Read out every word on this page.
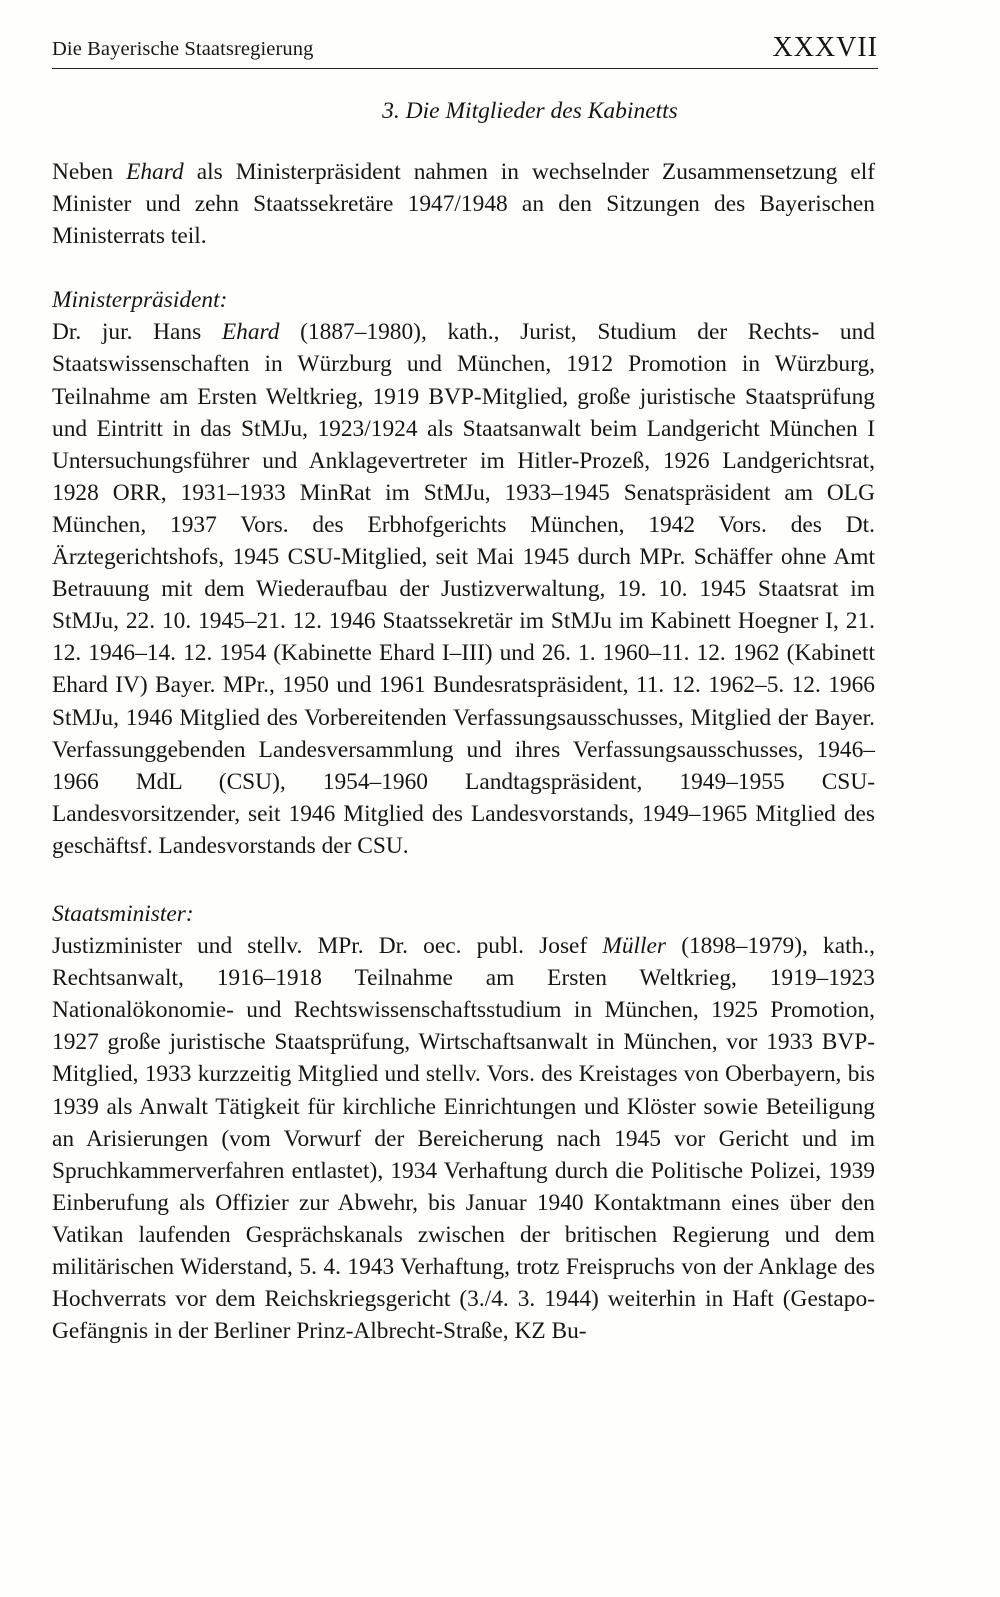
Die Bayerische Staatsregierung	XXXVII
3. Die Mitglieder des Kabinetts

Neben Ehard als Ministerpräsident nahmen in wechselnder Zusammensetzung elf Minister und zehn Staatssekretäre 1947/1948 an den Sitzungen des Bayerischen Ministerrats teil.

Ministerpräsident:

Dr. jur. Hans Ehard (1887–1980), kath., Jurist, Studium der Rechts- und Staatswissenschaften in Würzburg und München, 1912 Promotion in Würzburg, Teilnahme am Ersten Weltkrieg, 1919 BVP-Mitglied, große juristische Staatsprüfung und Eintritt in das StMJu, 1923/1924 als Staatsanwalt beim Landgericht München I Untersuchungsführer und Anklagevertreter im Hitler-Prozeß, 1926 Landgerichtsrat, 1928 ORR, 1931–1933 MinRat im StMJu, 1933–1945 Senatspräsident am OLG München, 1937 Vors. des Erbhofgerichts München, 1942 Vors. des Dt. Ärztegerichtshofs, 1945 CSU-Mitglied, seit Mai 1945 durch MPr. Schäffer ohne Amt Betrauung mit dem Wiederaufbau der Justizverwaltung, 19. 10. 1945 Staatsrat im StMJu, 22. 10. 1945–21. 12. 1946 Staatssekretär im StMJu im Kabinett Hoegner I, 21. 12. 1946–14. 12. 1954 (Kabinette Ehard I–III) und 26. 1. 1960–11. 12. 1962 (Kabinett Ehard IV) Bayer. MPr., 1950 und 1961 Bundesratspräsident, 11. 12. 1962–5. 12. 1966 StMJu, 1946 Mitglied des Vorbereitenden Verfassungsausschusses, Mitglied der Bayer. Verfassunggebenden Landesversammlung und ihres Verfassungsausschusses, 1946–1966 MdL (CSU), 1954–1960 Landtagspräsident, 1949–1955 CSU-Landesvorsitzender, seit 1946 Mitglied des Landesvorstands, 1949–1965 Mitglied des geschäftsf. Landesvorstands der CSU.

Staatsminister:

Justizminister und stellv. MPr. Dr. oec. publ. Josef Müller (1898–1979), kath., Rechtsanwalt, 1916–1918 Teilnahme am Ersten Weltkrieg, 1919–1923 Nationalökonomie- und Rechtswissenschaftsstudium in München, 1925 Promotion, 1927 große juristische Staatsprüfung, Wirtschaftsanwalt in München, vor 1933 BVP-Mitglied, 1933 kurzzeitig Mitglied und stellv. Vors. des Kreistages von Oberbayern, bis 1939 als Anwalt Tätigkeit für kirchliche Einrichtungen und Klöster sowie Beteiligung an Arisierungen (vom Vorwurf der Bereicherung nach 1945 vor Gericht und im Spruchkammerverfahren entlastet), 1934 Verhaftung durch die Politische Polizei, 1939 Einberufung als Offizier zur Abwehr, bis Januar 1940 Kontaktmann eines über den Vatikan laufenden Gesprächskanals zwischen der britischen Regierung und dem militärischen Widerstand, 5. 4. 1943 Verhaftung, trotz Freispruchs von der Anklage des Hochverrats vor dem Reichskriegsgericht (3./4. 3. 1944) weiterhin in Haft (Gestapo-Gefängnis in der Berliner Prinz-Albrecht-Straße, KZ Bu-
